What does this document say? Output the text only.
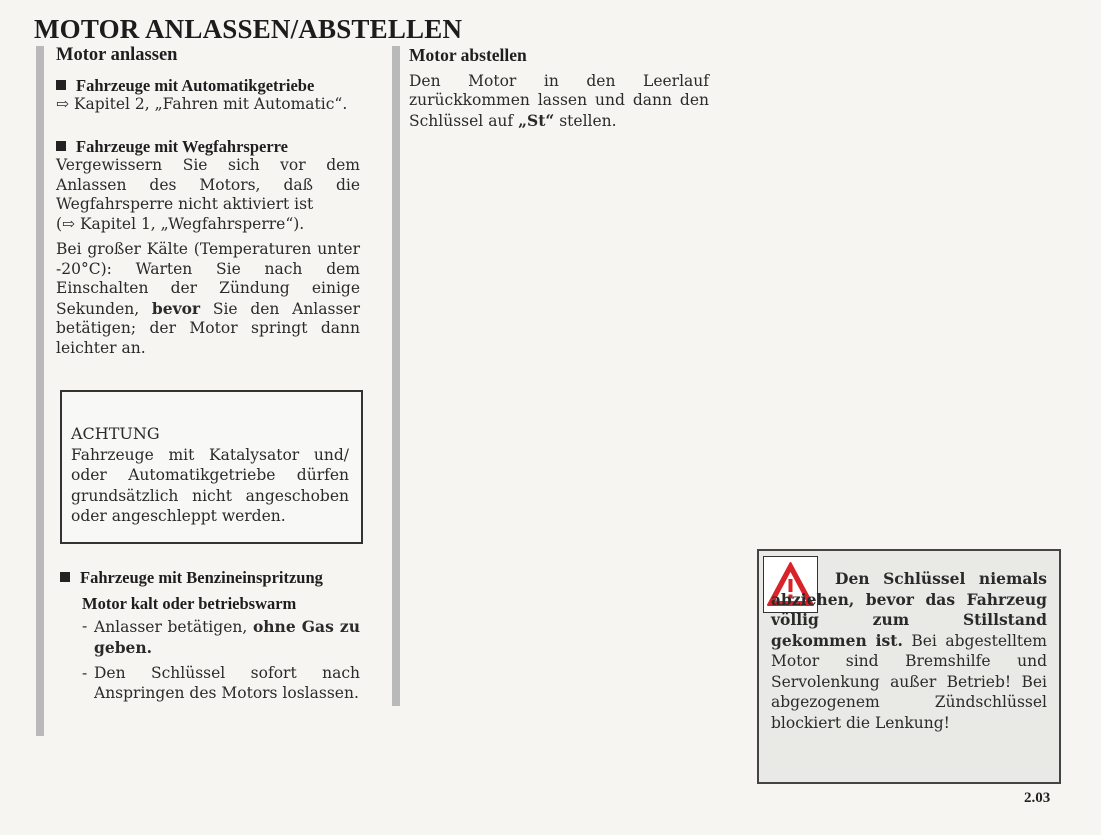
MOTOR ANLASSEN/ABSTELLEN
Motor anlassen
Fahrzeuge mit Automatikgetriebe

⇨ Kapitel 2, „Fahren mit Automatic“.

Fahrzeuge mit Wegfahrsperre

Vergewissern Sie sich vor dem Anlassen des Motors, daß die Wegfahrsperre nicht aktiviert ist

(⇨ Kapitel 1, „Wegfahrsperre“).

Bei großer Kälte (Temperaturen unter -20°C): Warten Sie nach dem Einschalten der Zündung einige Sekunden, bevor Sie den Anlasser betätigen; der Motor springt dann leichter an.

ACHTUNG

Fahrzeuge mit Katalysator und/ oder Automatikgetriebe dürfen grundsätzlich nicht angeschoben oder angeschleppt werden.

Fahrzeuge mit Benzineinspritzung
Motor kalt oder betriebswarm
- Anlasser betätigen, ohne Gas zu geben.
- Den Schlüssel sofort nach Anspringen des Motors loslassen.
Motor abstellen

Den Motor in den Leerlauf zurückkommen lassen und dann den Schlüssel auf „St“ stellen.

Den Schlüssel niemals abziehen, bevor das Fahrzeug völlig zum Stillstand gekommen ist. Bei abgestelltem Motor sind Bremshilfe und Servolenkung außer Betrieb! Bei abgezogenem Zündschlüssel blockiert die Lenkung!
2.03
